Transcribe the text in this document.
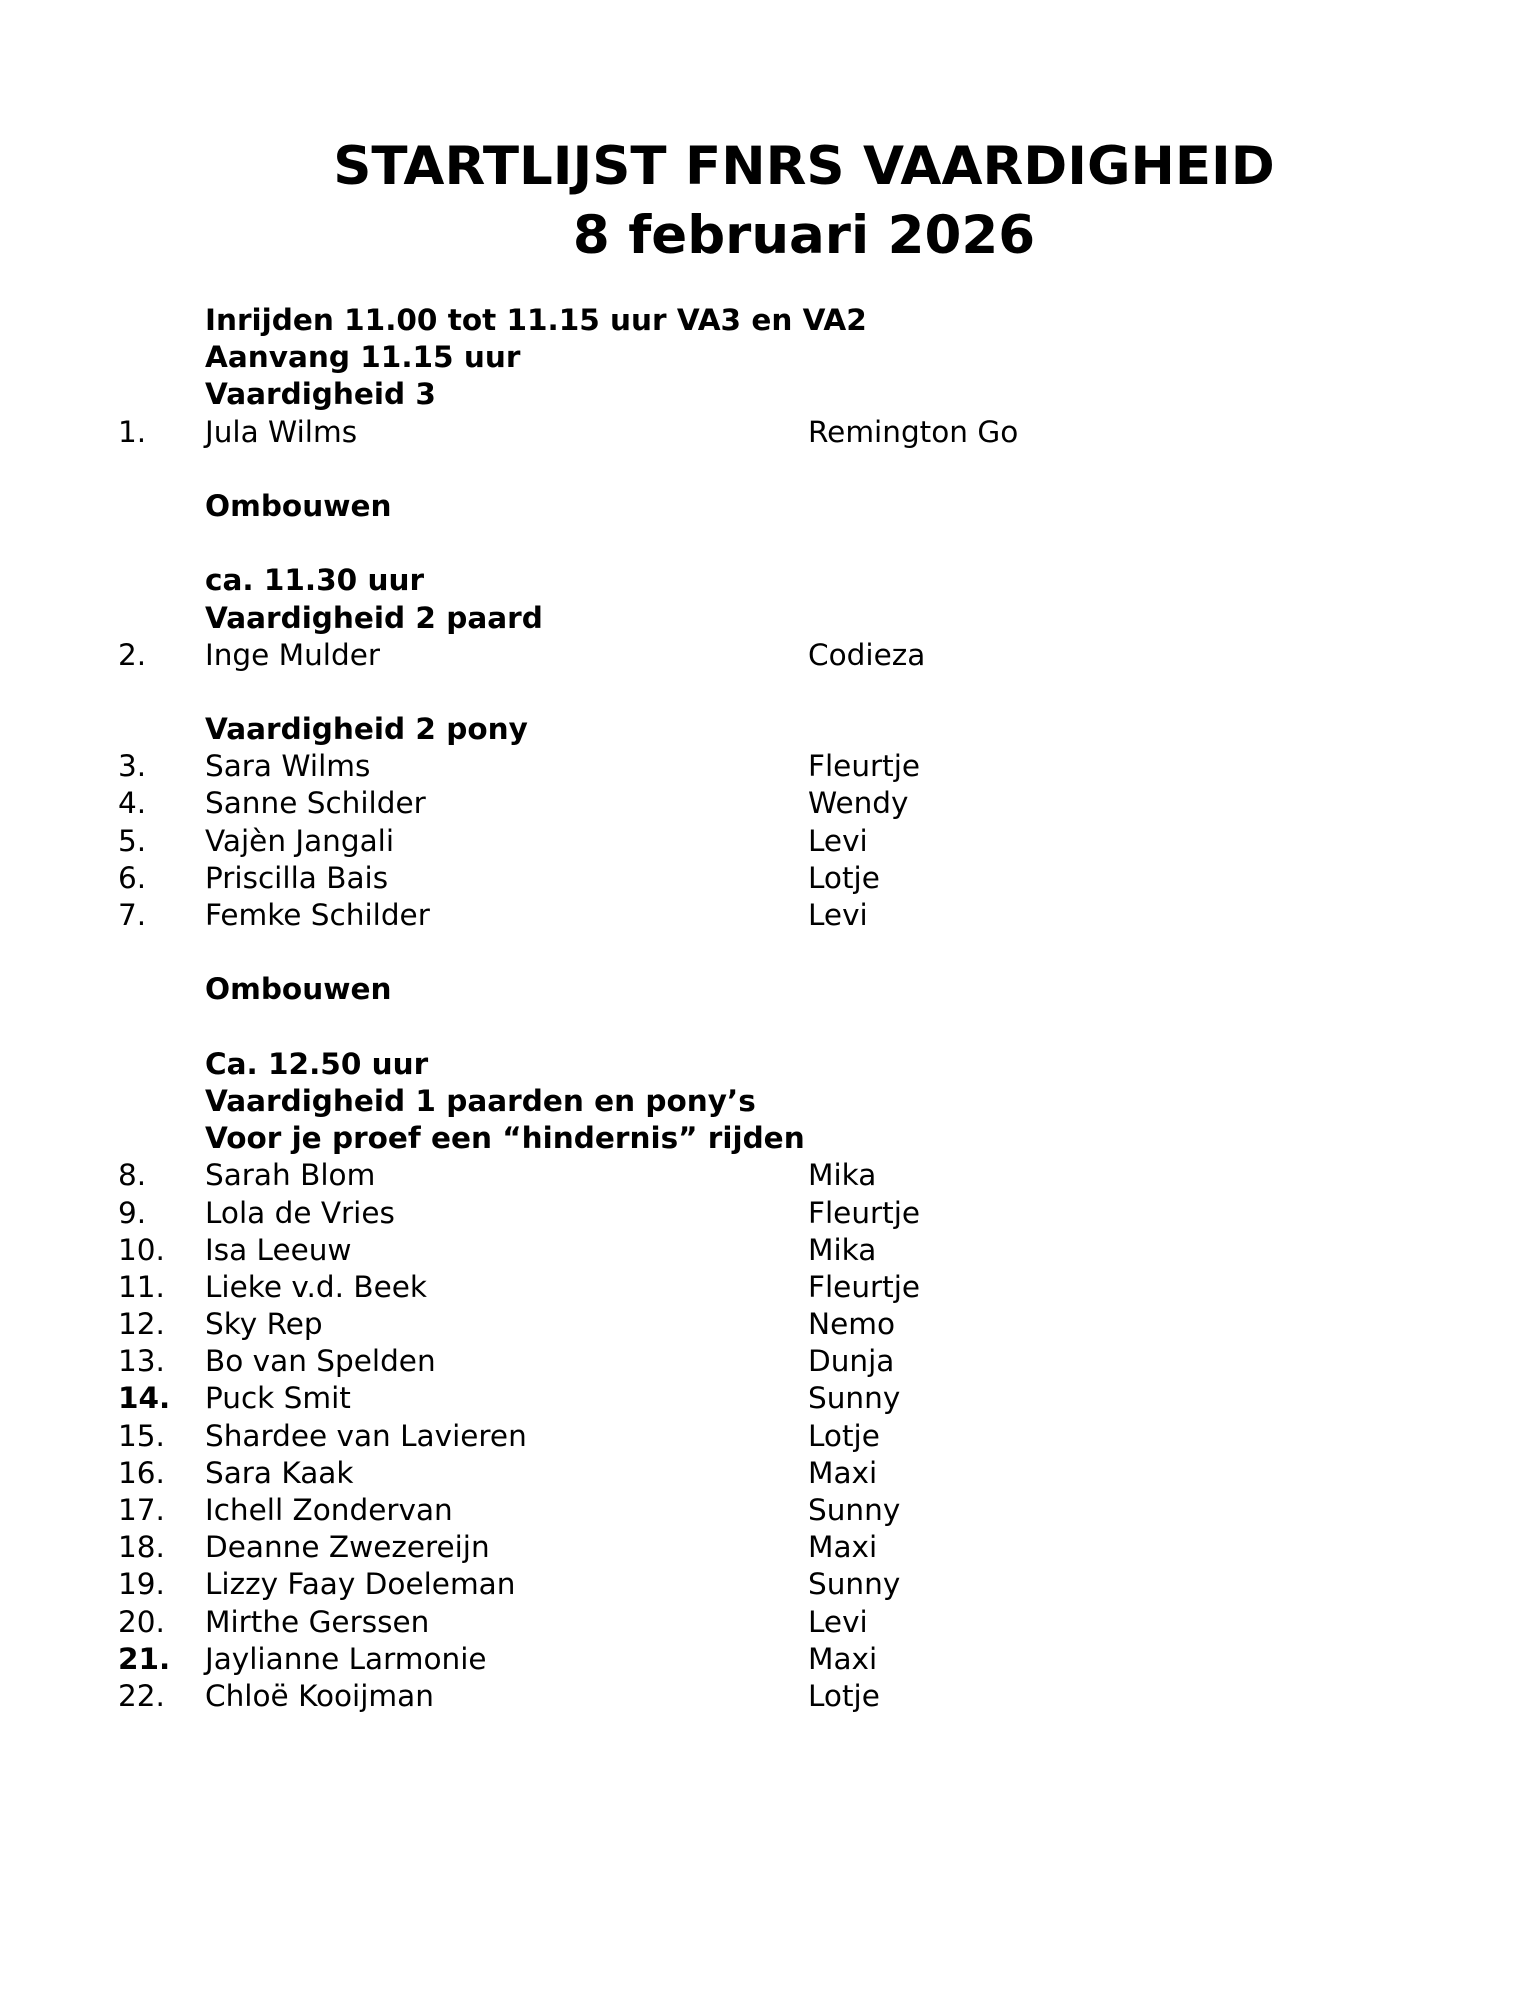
STARTLIJST FNRS VAARDIGHEID
8 februari 2026
Inrijden 11.00 tot 11.15 uur VA3 en VA2
Aanvang 11.15 uur
Vaardigheid 3
1. Jula Wilms	Remington Go
Ombouwen
ca. 11.30 uur
Vaardigheid 2 paard
2. Inge Mulder	Codieza
Vaardigheid 2 pony
3. Sara Wilms	Fleurtje
4. Sanne Schilder	Wendy
5. Vajèn Jangali	Levi
6. Priscilla Bais	Lotje
7. Femke Schilder	Levi
Ombouwen
Ca. 12.50 uur
Vaardigheid 1 paarden en pony’s
Voor je proef een “hindernis” rijden
8. Sarah Blom	Mika
9. Lola de Vries	Fleurtje
10. Isa Leeuw	Mika
11. Lieke v.d. Beek	Fleurtje
12. Sky Rep	Nemo
13. Bo van Spelden	Dunja
14. Puck Smit	Sunny
15. Shardee van Lavieren	Lotje
16. Sara Kaak	Maxi
17. Ichell Zondervan	Sunny
18. Deanne Zwezereijn	Maxi
19. Lizzy Faay Doeleman	Sunny
20. Mirthe Gerssen	Levi
21. Jaylianne Larmonie	Maxi
22. Chloë Kooijman	Lotje
